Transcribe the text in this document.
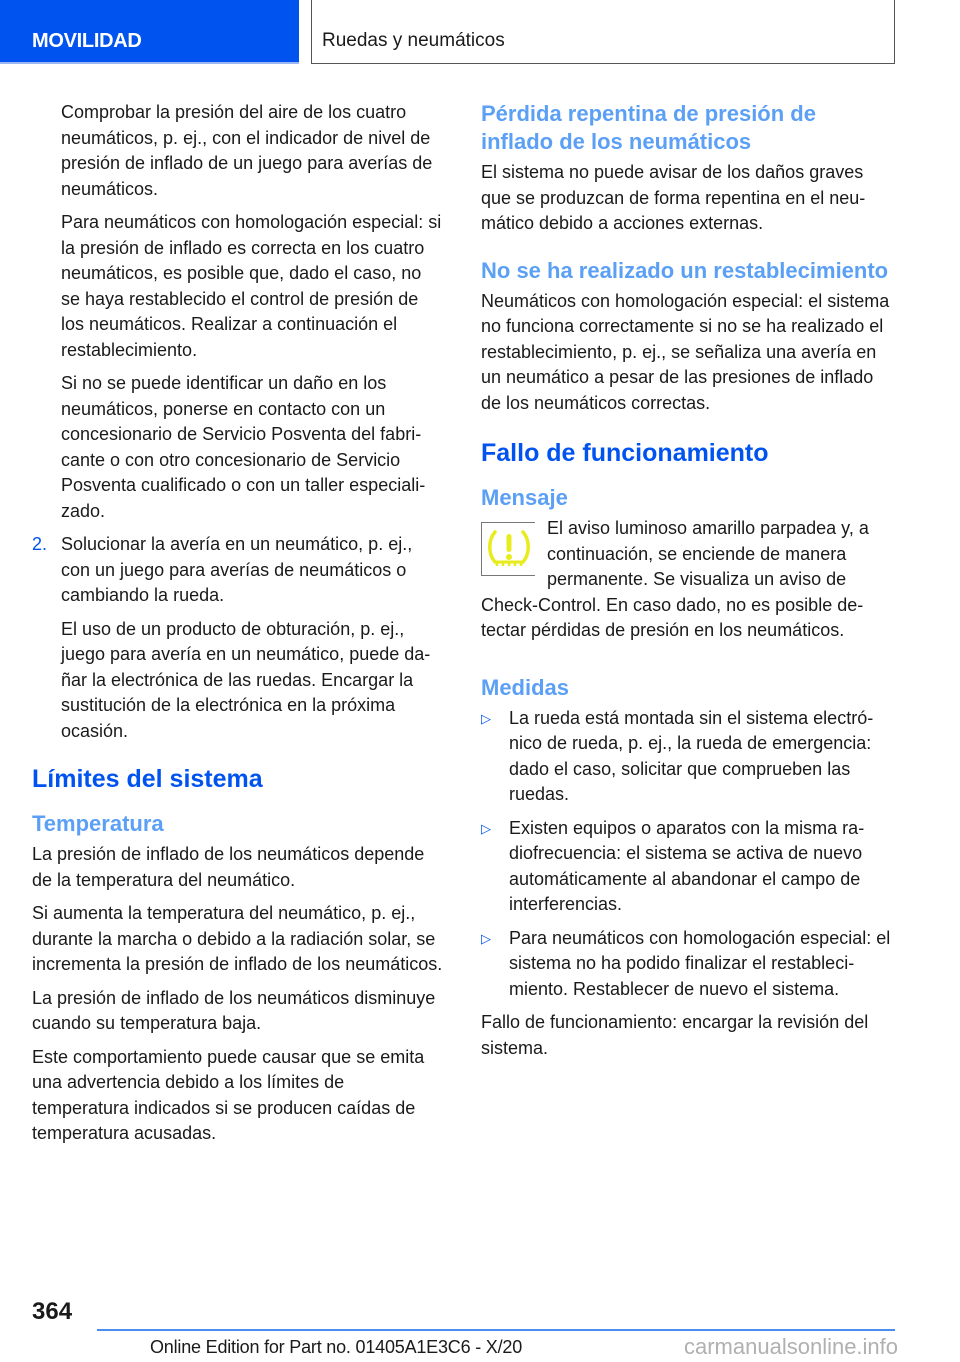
MOVILIDAD	Ruedas y neumáticos

Comprobar la presión del aire de los cuatro neumáticos, p. ej., con el indicador de nivel de presión de inflado de un juego para averías de neumáticos.

Para neumáticos con homologación especial: si la presión de inflado es correcta en los cuatro neumáticos, es posible que, dado el caso, no se haya restablecido el control de presión de los neumáticos. Realizar a continuación el restablecimiento.

Si no se puede identificar un daño en los neumáticos, ponerse en contacto con un concesionario de Servicio Posventa del fabricante o con otro concesionario de Servicio Posventa cualificado o con un taller especializado.

2. Solucionar la avería en un neumático, p. ej., con un juego para averías de neumáticos o cambiando la rueda.

El uso de un producto de obturación, p. ej., juego para avería en un neumático, puede dañar la electrónica de las ruedas. Encargar la sustitución de la electrónica en la próxima ocasión.

Límites del sistema
Temperatura

La presión de inflado de los neumáticos depende de la temperatura del neumático.

Si aumenta la temperatura del neumático, p. ej., durante la marcha o debido a la radiación solar, se incrementa la presión de inflado de los neumáticos.

La presión de inflado de los neumáticos disminuye cuando su temperatura baja.

Este comportamiento puede causar que se emita una advertencia debido a los límites de temperatura indicados si se producen caídas de temperatura acusadas.

Pérdida repentina de presión de inflado de los neumáticos

El sistema no puede avisar de los daños graves que se produzcan de forma repentina en el neumático debido a acciones externas.

No se ha realizado un restablecimiento

Neumáticos con homologación especial: el sistema no funciona correctamente si no se ha realizado el restablecimiento, p. ej., se señaliza una avería en un neumático a pesar de las presiones de inflado de los neumáticos correctas.

Fallo de funcionamiento
Mensaje

El aviso luminoso amarillo parpadea y, a continuación, se enciende de manera permanente. Se visualiza un aviso de Check-Control. En caso dado, no es posible detectar pérdidas de presión en los neumáticos.

Medidas
▷ La rueda está montada sin el sistema electrónico de rueda, p. ej., la rueda de emergencia: dado el caso, solicitar que comprueben las ruedas.
▷ Existen equipos o aparatos con la misma radiofrecuencia: el sistema se activa de nuevo automáticamente al abandonar el campo de interferencias.
▷ Para neumáticos con homologación especial: el sistema no ha podido finalizar el restablecimiento. Restablecer de nuevo el sistema.

Fallo de funcionamiento: encargar la revisión del sistema.

364
Online Edition for Part no. 01405A1E3C6 - X/20	carmanualsonline.info
